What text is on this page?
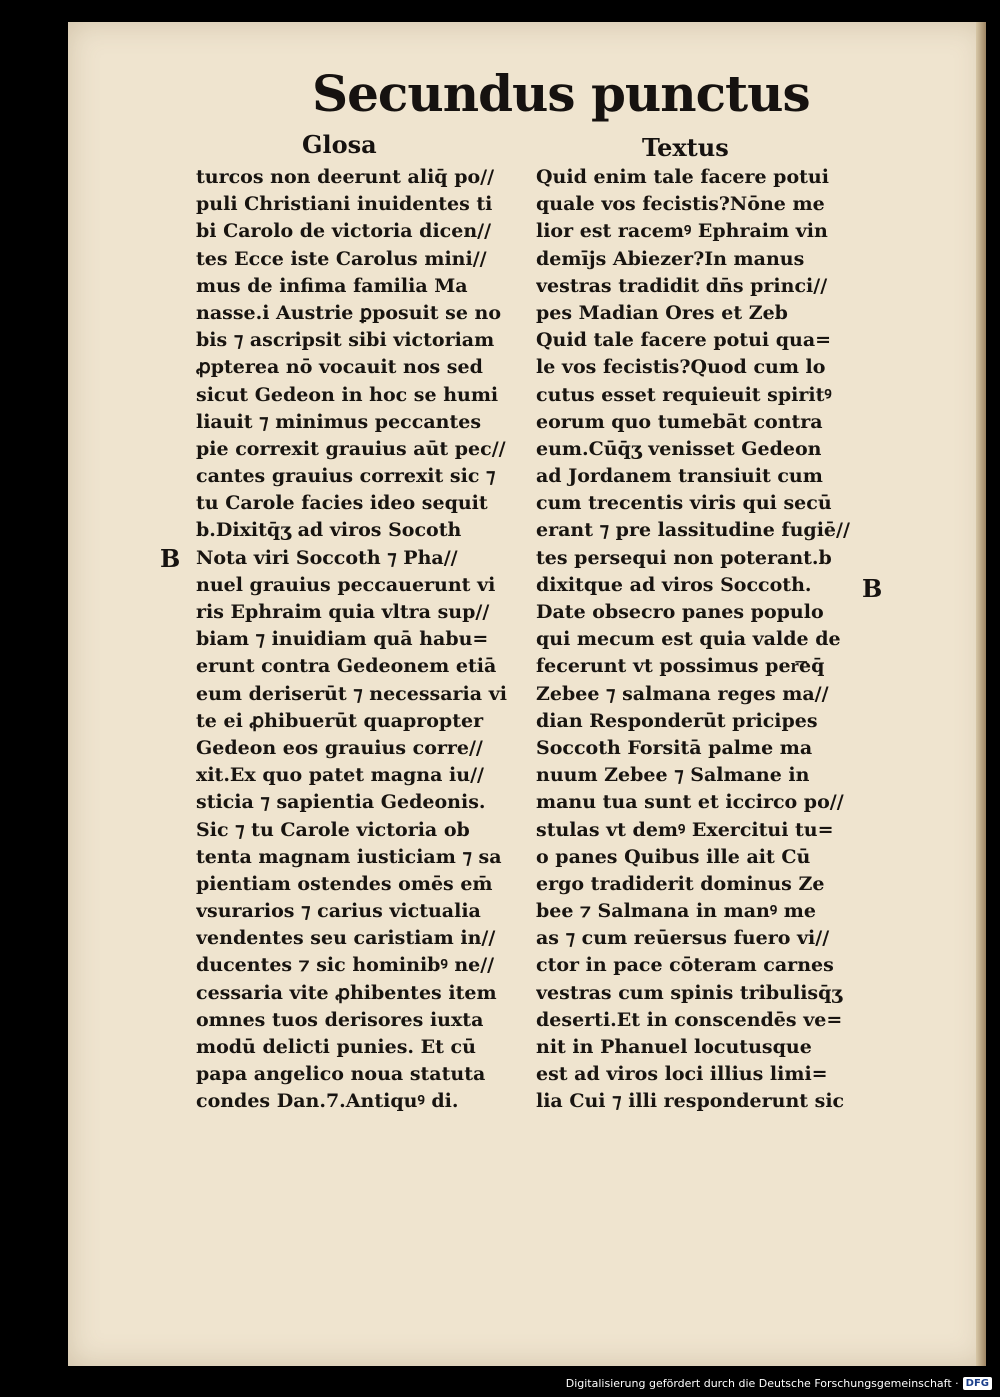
Secundus punctus
Glosa	Textus
turcos non deerunt aliq̄ po//
puli Christiani inuidentes ti
bi Carolo de victoria dicen//
tes Ecce iste Carolus mini//
mus de infima familia Ma
nasse.i Austrie ꝑposuit se no
bis ⁊ ascripsit sibi victoriam
ꝓpterea nō vocauit nos sed
sicut Gedeon in hoc se humi
liauit ⁊ minimus peccantes
pie correxit grauius aūt pec//
cantes grauius correxit sic ⁊
tu Carole facies ideo sequit
b.Dixitq̄ʒ ad viros Socoth
Nota viri Soccoth ⁊ Pha//
nuel grauius peccauerunt vi
ris Ephraim quia vltra sup//
biam ⁊ inuidiam quā habu=
erunt contra Gedeonem etiā
eum deriserūt ⁊ necessaria vi
te ei ꝓhibuerūt quapropter
Gedeon eos grauius corre//
xit.Ex quo patet magna iu//
sticia ⁊ sapientia Gedeonis.
Sic ⁊ tu Carole victoria ob
tenta magnam iusticiam ⁊ sa
pientiam ostendes omēs em̄
vsurarios ⁊ carius victualia
vendentes seu caristiam in//
ducentes ⁊ sic hominibꝰ ne//
cessaria vite ꝓhibentes item
omnes tuos derisores iuxta
modū delicti punies. Et cū
papa angelico noua statuta
condes Dan.7.Antiquꝰ di.
Quid enim tale facere potui
quale vos fecistis?Nōne me
lior est racemꝰ Ephraim vin
demījs Abiezer?In manus
vestras tradidit dn̄s princi//
pes Madian Ores et Zeb
Quid tale facere potui qua=
le vos fecistis?Quod cum lo
cutus esset requieuit spiritꝰ
eorum quo tumebāt contra
eum.Cūq̄ʒ venisset Gedeon
ad Jordanem transiuit cum
cum trecentis viris qui secū
erant ⁊ pre lassitudine fugiē//
tes persequi non poterant.b
dixitque ad viros Soccoth.
Date obsecro panes populo
qui mecum est quia valde de
fecerunt vt possimus per͞eq̄
Zebee ⁊ salmana reges ma//
dian Responderūt pricipes
Soccoth Forsitā palme ma
nuum Zebee ⁊ Salmane in
manu tua sunt et iccirco po//
stulas vt demꝰ Exercitui tu=
o panes Quibus ille ait Cū
ergo tradiderit dominus Ze
bee ⁊ Salmana in manꝰ me
as ⁊ cum reūersus fuero vi//
ctor in pace cōteram carnes
vestras cum spinis tribulisq̄ʒ
deserti.Et in conscendēs ve=
nit in Phanuel locutusque
est ad viros loci illius limi=
lia Cui ⁊ illi responderunt sic
B
B
Digitalisierung gefördert durch die Deutsche Forschungsgemeinschaft · DFG
